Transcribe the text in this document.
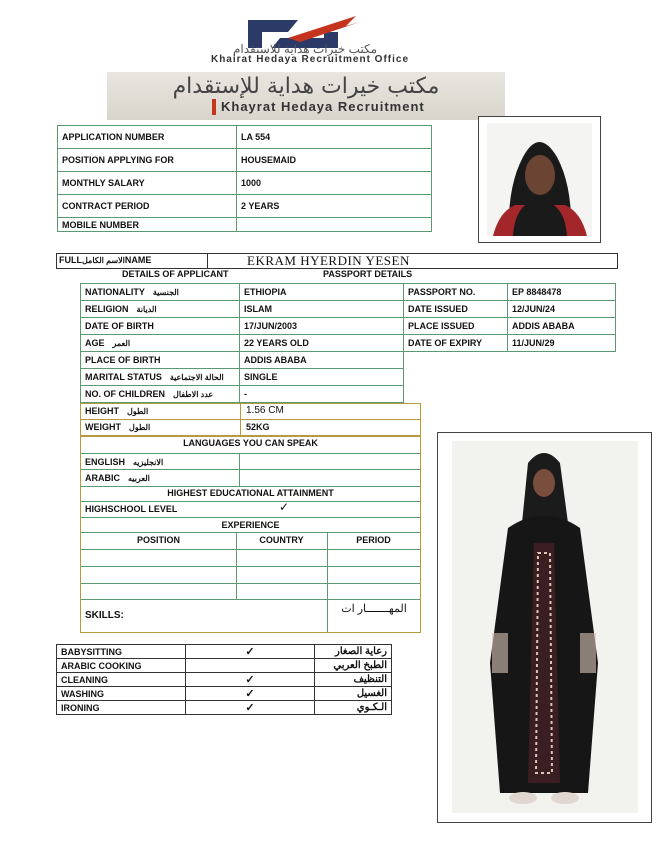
مكتب خيرات هداية للاستقدام
Khairat Hedaya Recruitment Office
مكتب خيرات هداية للإستقدام
Khayrat Hedaya Recruitment
APPLICATION NUMBER	LA 554
POSITION APPLYING FOR	HOUSEMAID
MONTHLY SALARY	1000
CONTRACT PERIOD	2 YEARS
MOBILE NUMBER	
FULLالاسم الكاملNAME	EKRAM HYERDIN YESEN
DETAILS OF APPLICANT	PASSPORT DETAILS
NATIONALITY الجنسية	ETHIOPIA	PASSPORT NO.	EP 8848478
RELIGION الديانة	ISLAM	DATE ISSUED	12/JUN/24
DATE OF BIRTH	17/JUN/2003	PLACE ISSUED	ADDIS ABABA
AGE العمر	22 YEARS OLD	DATE OF EXPIRY	11/JUN/29
PLACE OF BIRTH	ADDIS ABABA		
MARITAL STATUS الحالة الاجتماعية	SINGLE		
NO. OF CHILDREN عدد الاطفال	-		
HEIGHT الطول	1.56 CM
WEIGHT الطول	52KG
LANGUAGES YOU CAN SPEAK
ENGLISH الانجليزيه
ARABIC العربيه
HIGHEST EDUCATIONAL ATTAINMENT
HIGHSCHOOL LEVEL	✓
EXPERIENCE
POSITION	COUNTRY	PERIOD
SKILLS:
المهـــــــار ات
BABYSITTING	✓	رعاية الصغار
ARABIC COOKING		الطبخ العربي
CLEANING	✓	التنظيف
WASHING	✓	الغسيل
IRONING	✓	الـكـوي
